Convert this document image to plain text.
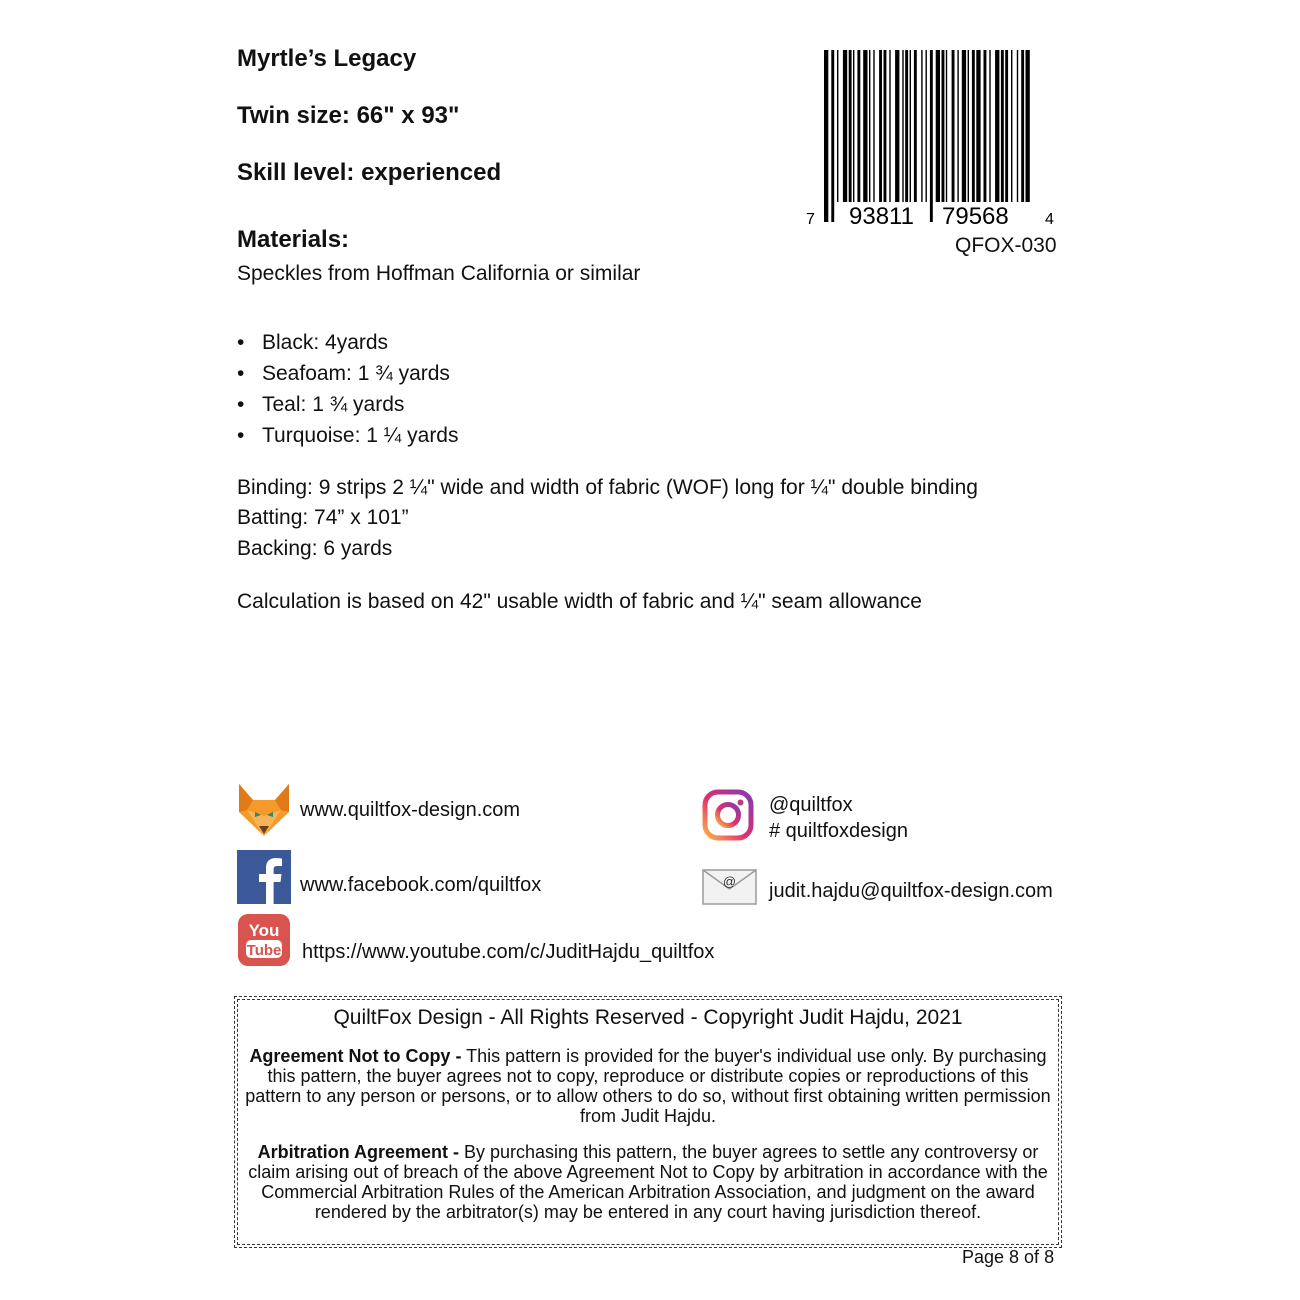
Myrtle’s Legacy
Twin size: 66" x 93"
Skill level: experienced
Materials:
Speckles from Hoffman California or similar
• Black: 4yards
• Seafoam: 1 ¾ yards
• Teal: 1 ¾ yards
• Turquoise: 1 ¼ yards
Binding: 9 strips 2 ¼" wide and width of fabric (WOF) long for ¼" double binding
Batting: 74” x 101”
Backing: 6 yards
Calculation is based on 42" usable width of fabric and ¼" seam allowance
7 93811 79568 4
QFOX-030
www.quiltfox-design.com
www.facebook.com/quiltfox
You
Tube https://www.youtube.com/c/JuditHajdu_quiltfox
@quiltfox
# quiltfoxdesign
@ judit.hajdu@quiltfox-design.com
QuiltFox Design - All Rights Reserved - Copyright Judit Hajdu, 2021
Agreement Not to Copy - This pattern is provided for the buyer's individual use only. By purchasing this pattern, the buyer agrees not to copy, reproduce or distribute copies or reproductions of this pattern to any person or persons, or to allow others to do so, without first obtaining written permission from Judit Hajdu.
Arbitration Agreement - By purchasing this pattern, the buyer agrees to settle any controversy or claim arising out of breach of the above Agreement Not to Copy by arbitration in accordance with the Commercial Arbitration Rules of the American Arbitration Association, and judgment on the award rendered by the arbitrator(s) may be entered in any court having jurisdiction thereof.
Page 8 of 8
